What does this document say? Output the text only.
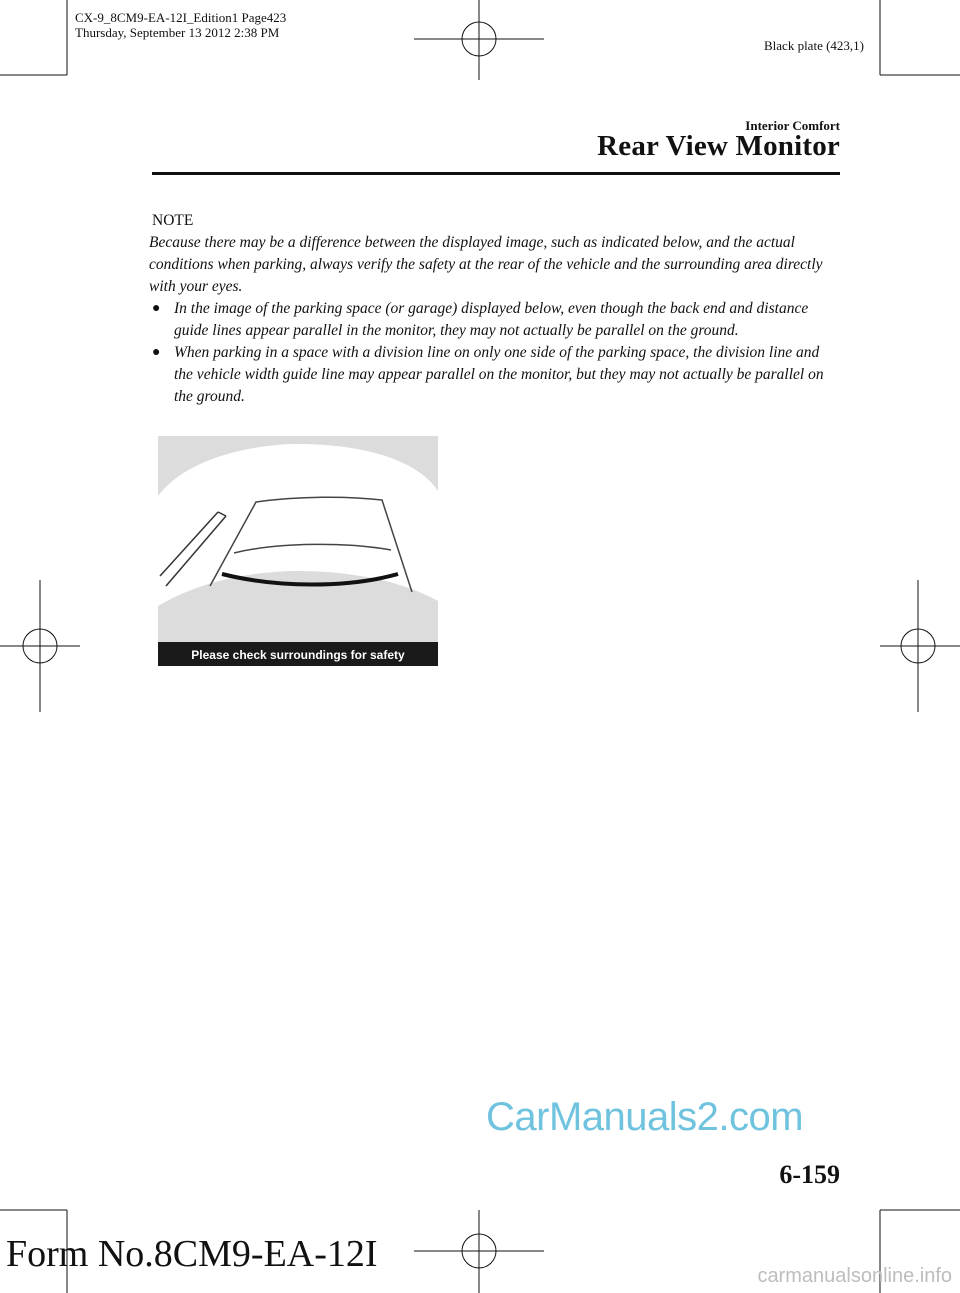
CX-9_8CM9-EA-12I_Edition1 Page423
Thursday, September 13 2012 2:38 PM
Black plate (423,1)
Interior Comfort
Rear View Monitor
NOTE
Because there may be a difference between the displayed image, such as indicated below, and the actual conditions when parking, always verify the safety at the rear of the vehicle and the surrounding area directly with your eyes.
● In the image of the parking space (or garage) displayed below, even though the back end and distance guide lines appear parallel in the monitor, they may not actually be parallel on the ground.
● When parking in a space with a division line on only one side of the parking space, the division line and the vehicle width guide line may appear parallel on the monitor, but they may not actually be parallel on the ground.
Please check surroundings for safety
6-159
Form No.8CM9-EA-12I
CarManuals2.com
carmanualsonline.info
